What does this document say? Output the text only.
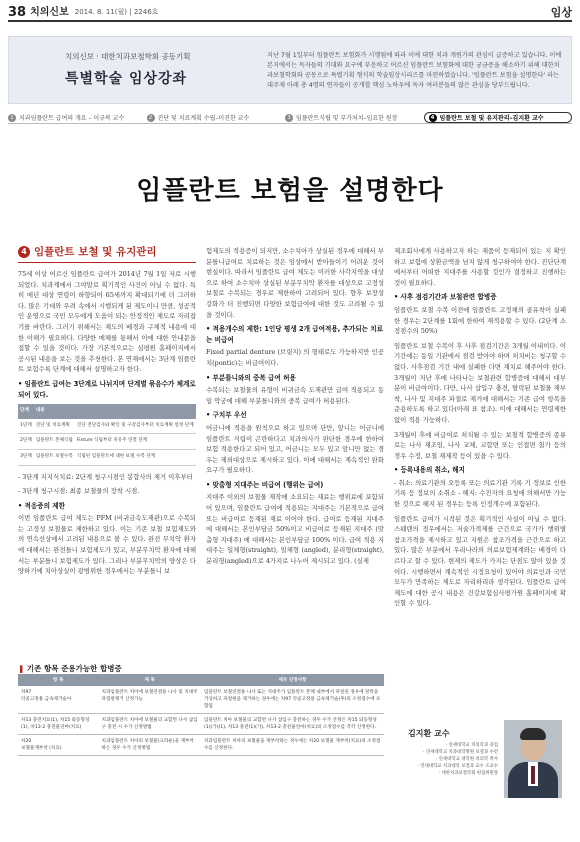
38 치의신보 2014. 8. 11(월) | 2246호	임상
치의신보 · 대한치과보철학회 공동기획
특별학술 임상강좌
지난 7월 1일부터 임플란트 보험화가 시행됨에 따라 이에 대한 치과 개원가의 관심이 급증하고 있습니다. 이에 본지에서는 독자들의 기대와 요구에 부응하고 어르신 임플란트 보험화에 대한 궁금증을 해소하기 위해 대한치과보철학회와 공동으로 특별기획 형식의 학술임상시리즈를 마련하였습니다. '임플란트 보험을 설명한다' 라는 대주제 아래 총 4명의 연자들이 공개할 핵심 노하우에 독자 여러분들의 많은 관심을 당부드립니다.
1 치과임플란트 급여의 개요 – 이규복 교수	2 진단 및 치료계획 수립–이진한 교수	3 임플란트식립 및 부가처치–임요한 원장	4 임플란트 보철 및 유지관리–김지환 교수
임플란트 보험을 설명한다
4 임플란트 보철 및 유지관리

75세 이상 어르신 임플란트 급여가 2014년 7월 1일 자로 시행되었다. 치과계에서 그야말로 획기적인 사건이 아닐 수 없다. 특히 매년 대상 연령이 하향되어 65세까지 확대되기에 더 그러하다. 많은 기대와 우려 속에서 시행되게 된 제도이니 만큼, 성공적인 운영으로 국민 모두에게 도움이 되는 안정적인 제도로 자리잡기를 바란다. 그러기 위해서는 제도의 배경과 구체적 내용에 대한 이해가 필요하다. 다양한 매체를 통해서 이에 대한 안내문을 접할 수 있을 것이다. 가장 기본적으로는 심평원 홈페이지에서 공시된 내용을 보는 것을 추천한다. 본 연재에서는 3단계 임플란트 보험수록 단계에 대해서 설명하고자 한다.

• 임플란트 급여는 3단계로 나뉘지며 단계별 묶음수가 체계로 되어 있다.
단계	내용	
1단계	진단 및 치료계획	진단 전단검사와 확인 및 구강검사부터 치료계획 설정 단계
2단계	임플란트 본체식립	Fixture 식립부터 치유주 연결 단계
3단계	임플란트 보철수복	식립된 임플란트에 대한 보철 수복 단계

- 3단계 지지식치료: 2단계 청구시점인 봉합사의 제거 이후부터

- 3단계 청구시점: 최종 보철물의 장착 시점.

• 적응증의 제한

이번 임플란트 급여 제도는 PFM (비귀금속도재관)으로 수복되는 고정성 보철물로 제한하고 있다. 이는 기존 보철 보험제도와의 연속선상에서 고려된 내용으로 볼 수 있다. 완전 무치악 환자에 대해서는 완전틀니 보험제도가 있고, 부분무치악 환자에 대해서는 부분틀니 보험제도가 있다. 그리나 부분무치악의 양상은 다양하기에 치아상실이 광범위한 경우에서는 부분틀니 보

험제도의 적용증이 되지만, 소수치아가 상실된 경우에 대해서 부분틀니급여로 치료하는 것은 임상에서 받아들이기 어려운 것이 현실이다. 따라서 임플란트 급여 제도는 이러한 사각지역을 대상으로 하여 소수치아 상실된 부분무치악 환자를 대상으로 고정성 보철로 수복되는 경우로 제한하여 고려되어 있다. 향후 보장성 강화가 더 진행되면 다양한 보험급여에 대한 것도 고려될 수 있을 것이다.

• 적용개수의 제한: 1인당 평생 2개 급여적용, 추가되는 치료는 비급여

Fixed partial denture (브릿지) 의 형태로도 가능하지만 인공치(pontic)는 비급여이다.

• 부분틀니와의 중복 급여 허용

수복되는 보철물의 유형이 비귀금속 도재관만 급여 적용되고 동일 악궁에 대해 부분틀니와의 중복 급여가 허용된다.

• 구치부 우선

어금니에 적용을 원칙으로 하고 있으며 단만, 앞니는 어금니에 임플란트 식립이 곤란하다고 치과의사가 판단한 경우에 한하여 보험 적용한다고 되어 있고, 어금니는 모두 있고 앞니만 없는 경우는 제외대상으로 제시하고 있다. 이에 대해서는 계속적인 완화 요구가 필요하다.

• 맞춤형 지대주는 비급여 (행위는 급여)

지대주 이외의 보철물 재작에 소요되는 재료는 행위료에 포함되어 있으며, 임플란트 급여에 적용되는 지대주는 기본적으로 급여 또는 비급여로 등재된 재료 이어야 한다. 급여로 등재된 지대주에 대해서는 본인부담금 50%이고 비급여로 등재된 지대주 (맞춤형 지대주) 에 대해서는 본인부담금 100% 이다. 급여 적용 지대주는 일체형(straight), 일체형 (angled), 분리형(straight), 분리형(angled)으로 4가지로 나누어 제시되고 있다. (실제

제조회사에게 사용하고자 하는 재품이 등재되어 있는 지 확인하고 보험에 상환금액을 넘지 않게 청구하여야 한다. 진단단계에서부터 어떠한 지대주를 사용할 것인가 결정하고 진행하는 것이 필요하다.

• 사후 점검기간과 보철관련 합병증

임플란트 보철 수복 이전에 임플란트 고정체의 골유착이 실패한 경우는 2단계를 1회에 한하여 재적용할 수 있다. (2단계 소정점수의 50%)

임플란트 보철 수복이 후 사후 점검기간은 3개월 이내이다. 이기간에는 동일 기관에서 점검 받아야 하며 처치비는 청구할 수 없다. 사후점검 기간 내에 실패한 다면 재치료 해주어야 한다. 3개월이 지난 후에 나타나는 보철관련 합병증에 대해서 대부분이 비급여이다. 다만, 나사 삽입구 충전, 탈락된 보철물 재부착, 나사 및 지대주 파절로 제거에 대해서는 기존 급여 항목을 준용하도록 하고 있다(아래 표 참조). 이에 대해서는 연령제한 없이 적용 가능하다.

3개월이 후에 비급여로 처치될 수 있는 보철적 합병증의 종류로는 나사 재조임, 나사 교체, 교합면 또는 인접면 첨가 등의 경우 수정, 보철 재제작 등이 있을 수 있다.

• 등록내용의 취소, 해지

- 취소: 의료기관의 오등록 또는 의료기관 기록 기 정보로 인한 기록 등 정보의 소취소 - 해지: 수진자의 요청에 의해서만 가능한 것으로 해지 된 경우는 등록 인정개수에 포함된다.

임플란트 급여가 시작된 것은 획기적인 사실이 아닐 수 없다. 스웨덴의 경우에서는 저술가격제를 근간으로 국가가 행위별 참조가격을 제시하고 있고 지원은 참조가격을 근간으로 하고 있다. 많은 부분에서 우리나라의 의료보험제계와는 배경이 다르다고 할 수 있다. 현재의 제도가 가지는 단점도 많이 있을 것이다. 시행하면서 계속적인 시정요청이 있어야 의료인과 국민모두가 만족하는 제도로 자리하리라 생각된다. 임플란트 급여제도에 대한 공시 내용은 건강보험심사평가원 홈페이지에 확인할 수 있다.

❚ 기존 항목 준용가능한 합병증
항 목	제 목	세부 인정사항
차97
악골고정용 금속제거술아	치과임플란트 치아에 보철연결용 나사 및 지대주 파절편제거 산정가능	임플란트 보철연결용 나사 또는 지대주가 임플란트 본체 내부에서 파절된 경우에 판막을 거상하고 파절편을 제거하는 경우에는 차97 악골고정용 금속제거술(후)의 소정점수에 포함됨
차13 충전치료(1), 차15 와동형성(1), 차13-2 충전물연마(치료)	치과임플란트 치아에 보철물의 교합면 나사 삽입구 충전 시 수가 산정방법	임플란트 치아 보철물의 교합면 나사 삽입구 충전하는 경우 수가 산정은 차15 와동형성(1)(가)(1), 차13 충전(1)(가), 차13-2 충전물연마(치료)의 소정점수를 각각 산정한다.
차20
보철물재부착 (치료)	치과임플란트 치아의 보철물(크라운)을 재부착하는 경우 수가 산정방법	치과임플란트 치아의 보철물을 재부착하는 경우에는 차20 보철물 재부착(치료)의 소정점수를 산정한다.
김지환 교수
· 연세대학교 치의학과 졸업
· 연세대학교 치과대학병원 보철과 수련
· 연세대학교 대학원 치의학 박사
· 연세대학교 치과대학 보철과 교수 조교수
· 대한치과보철학회 편집위원장
